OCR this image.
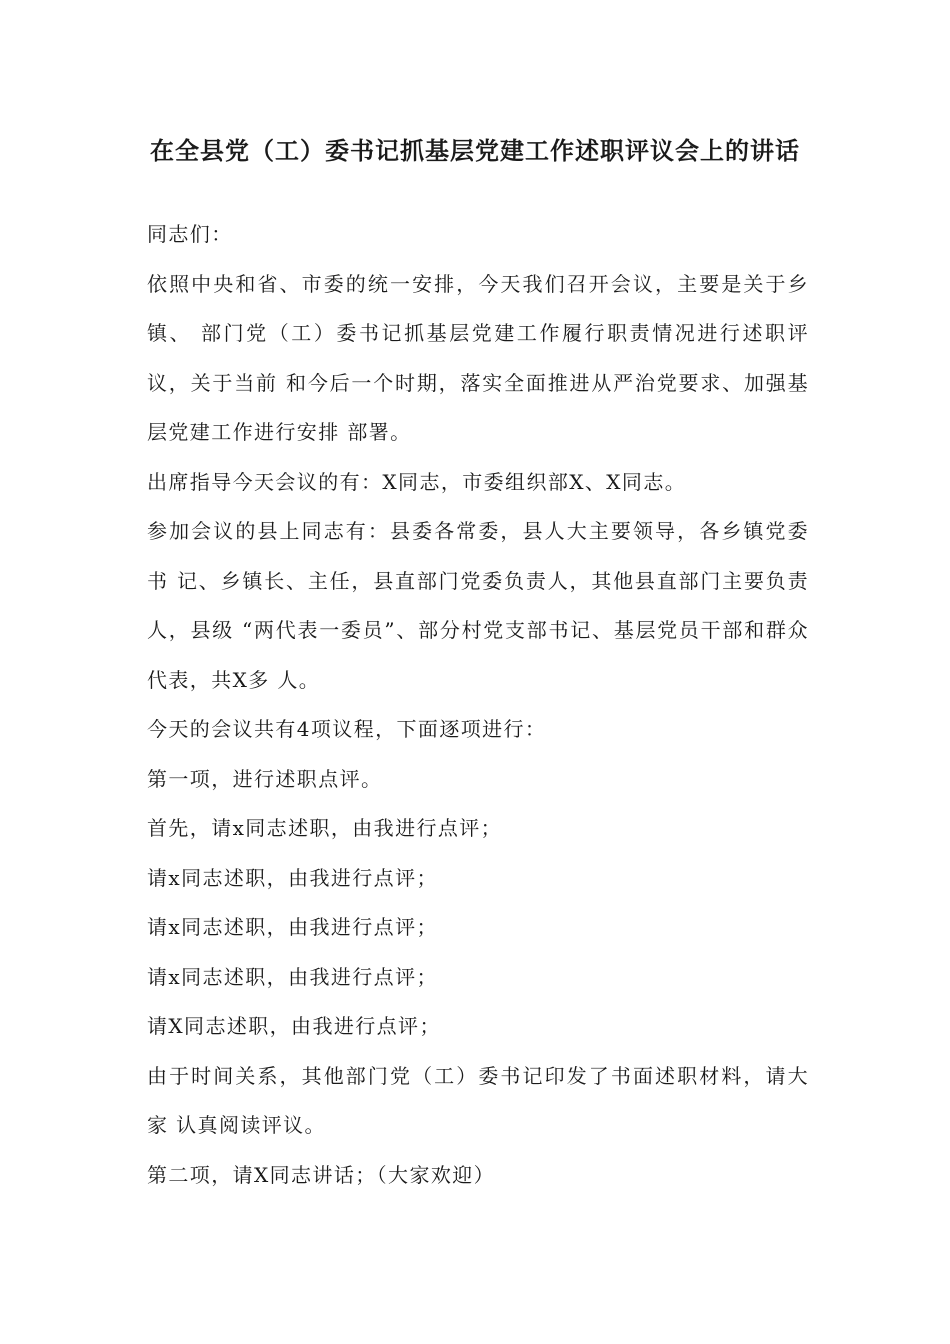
在全县党（工）委书记抓基层党建工作述职评议会上的讲话

同志们：

依照中央和省、市委的统一安排，今天我们召开会议，主要是关于乡镇、 部门党（工）委书记抓基层党建工作履行职责情况进行述职评议，关于当前 和今后一个时期，落实全面推进从严治党要求、加强基层党建工作进行安排 部署。

出席指导今天会议的有：X同志，市委组织部X、X同志。

参加会议的县上同志有：县委各常委，县人大主要领导，各乡镇党委书 记、乡镇长、主任，县直部门党委负责人，其他县直部门主要负责人，县级 “两代表一委员”、部分村党支部书记、基层党员干部和群众代表，共X多 人。

今天的会议共有4项议程，下面逐项进行：

第一项，进行述职点评。

首先，请x同志述职，由我进行点评；

请x同志述职，由我进行点评；

请x同志述职，由我进行点评；

请x同志述职，由我进行点评；

请X同志述职，由我进行点评；

由于时间关系，其他部门党（工）委书记印发了书面述职材料，请大家 认真阅读评议。

第二项，请X同志讲话；（大家欢迎）
